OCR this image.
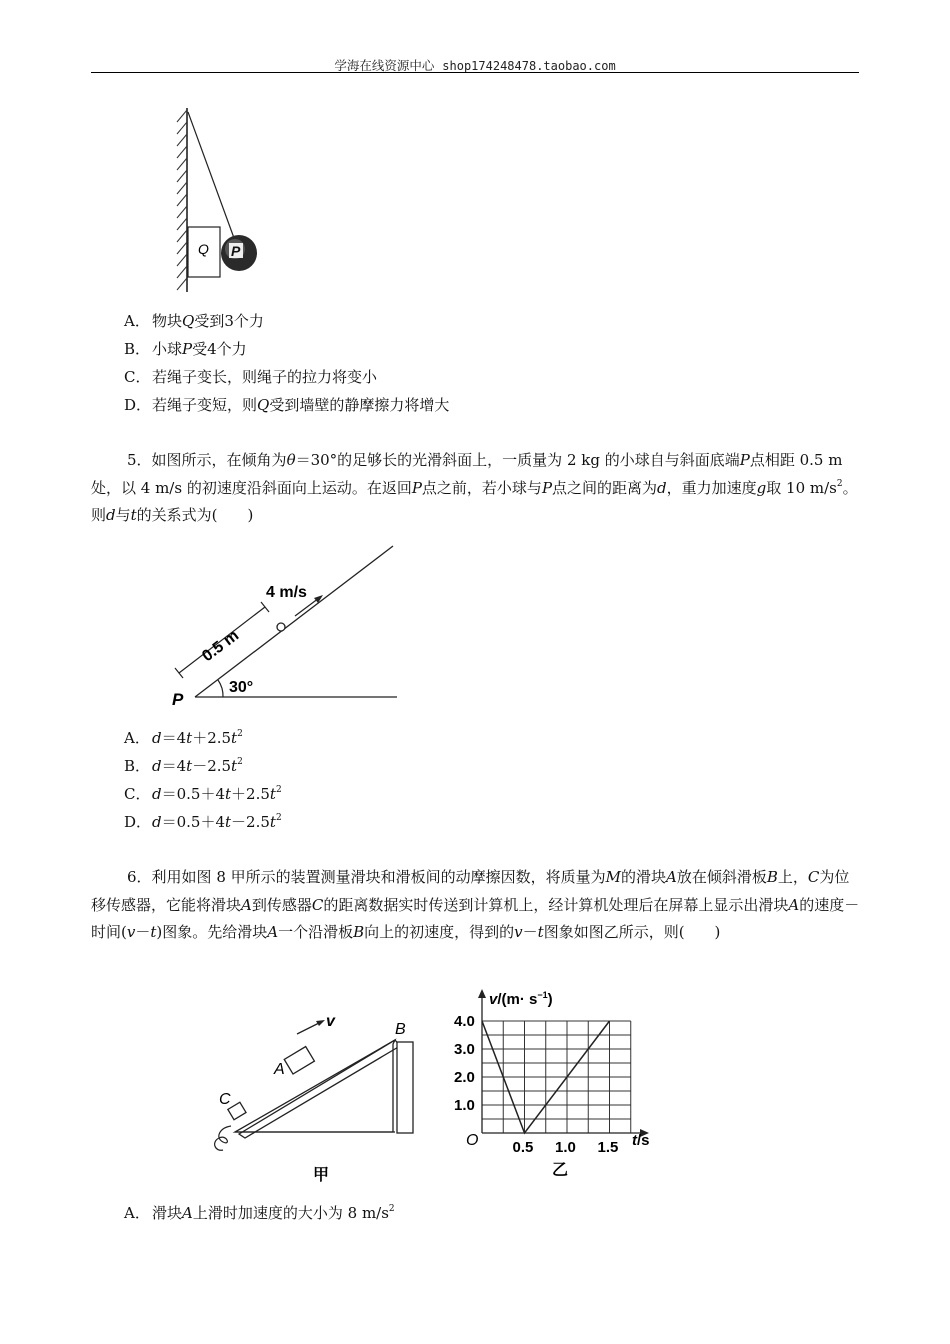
学海在线资源中心 shop174248478.taobao.com
Q P
A． 物块Q受到3个力
B． 小球P受4个力
C． 若绳子变长，则绳子的拉力将变小
D．若绳子变短，则Q受到墙壁的静摩擦力将增大
5．如图所示，在倾角为θ＝30°的足够长的光滑斜面上，一质量为 2 kg 的小球自与斜面底端P点相距 0.5 m 处，以 4 m/s 的初速度沿斜面向上运动。在返回P点之前，若小球与P点之间的距离为d，重力加速度g取 10 $m/s^2$。则d与t的关系式为(　　)
4 m/s
0.5 m
30°
P
A． $d=4t+2.5t^2$
B． $d=4t-2.5t^2$
C． $d=0.5+4t+2.5t^2$
D．$d=0.5+4t-2.5t^2$
6．利用如图 8 甲所示的装置测量滑块和滑板间的动摩擦因数，将质量为M的滑块A放在倾斜滑板B上，C为位移传感器，它能将滑块A到传感器C的距离数据实时传送到计算机上，经计算机处理后在屏幕上显示出滑块A的速度－时间(v－t)图象。先给滑块A一个沿滑板B向上的初速度，得到的v－t图象如图乙所示，则(　　)
v
A
B
C
甲
1.0
2.0
3.0
4.0
0.5 1.0 1.5
O
$v/(m\cdot s^{-1})$
t/s
乙
A． 滑块A上滑时加速度的大小为 8 $m/s^2$
